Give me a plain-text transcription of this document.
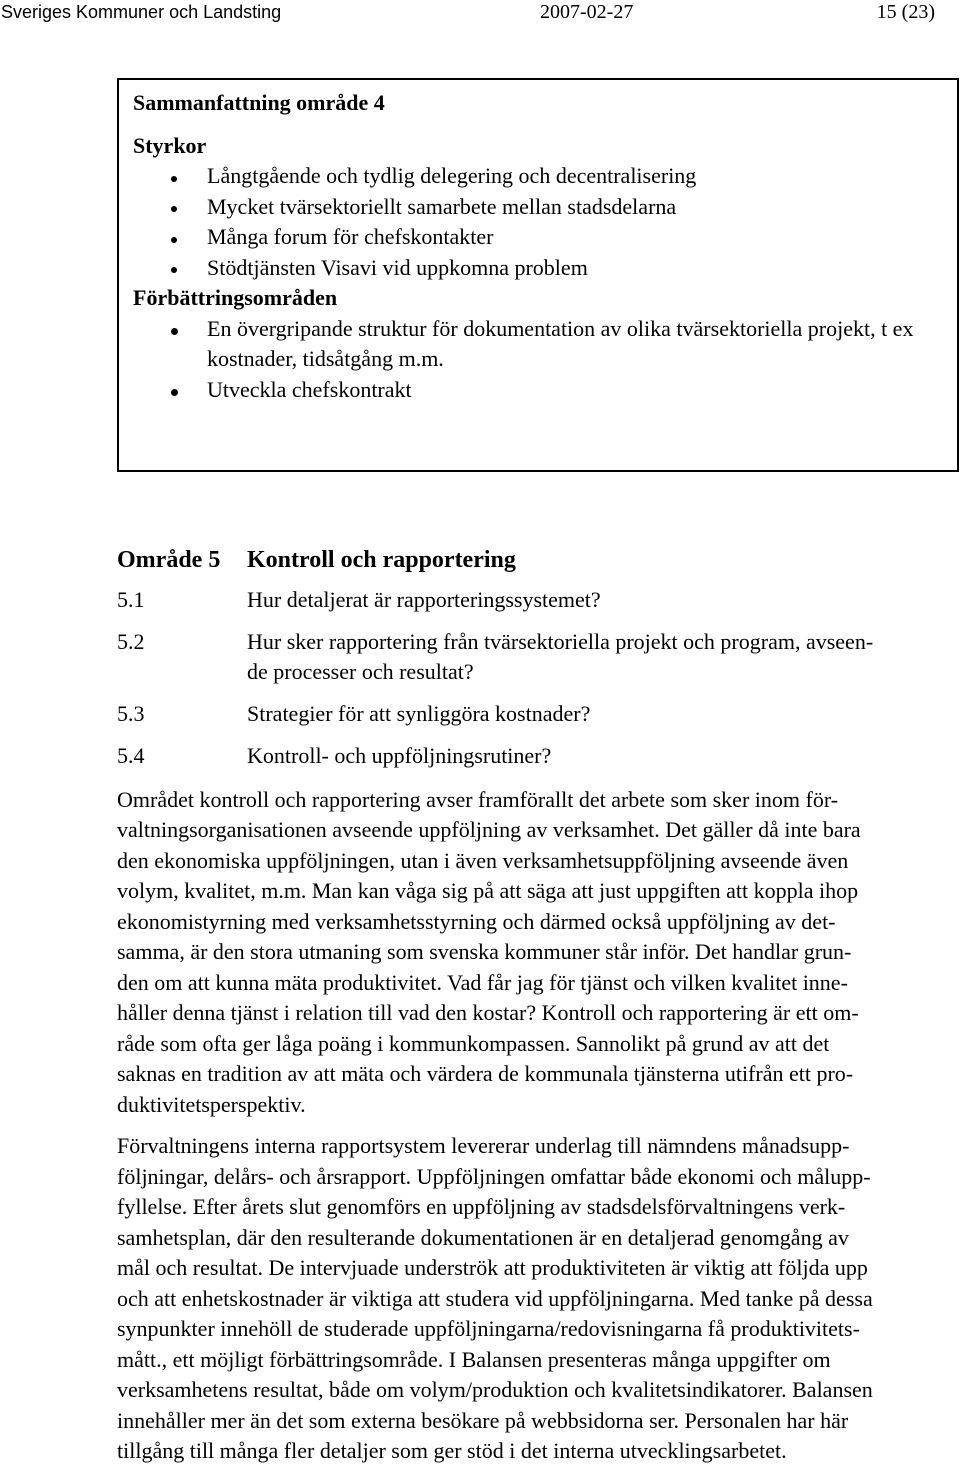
Sveriges Kommuner och Landsting	2007-02-27	15 (23)
Sammanfattning område 4
Styrkor
Långtgående och tydlig delegering och decentralisering
Mycket tvärsektoriellt samarbete mellan stadsdelarna
Många forum för chefskontakter
Stödtjänsten Visavi vid uppkomna problem
Förbättringsområden
En övergripande struktur för dokumentation av olika tvärsektoriella projekt, t ex
kostnader, tidsåtgång m.m.
Utveckla chefskontrakt
Område 5	Kontroll och rapportering
5.1	Hur detaljerat är rapporteringssystemet?
5.2	Hur sker rapportering från tvärsektoriella projekt och program, avseen-
de processer och resultat?
5.3	Strategier för att synliggöra kostnader?
5.4	Kontroll- och uppföljningsrutiner?
Området kontroll och rapportering avser framförallt det arbete som sker inom för-
valtningsorganisationen avseende uppföljning av verksamhet. Det gäller då inte bara
den ekonomiska uppföljningen, utan i även verksamhetsuppföljning avseende även
volym, kvalitet, m.m. Man kan våga sig på att säga att just uppgiften att koppla ihop
ekonomistyrning med verksamhetsstyrning och därmed också uppföljning av det-
samma, är den stora utmaning som svenska kommuner står inför. Det handlar grun-
den om att kunna mäta produktivitet. Vad får jag för tjänst och vilken kvalitet inne-
håller denna tjänst i relation till vad den kostar? Kontroll och rapportering är ett om-
råde som ofta ger låga poäng i kommunkompassen. Sannolikt på grund av att det
saknas en tradition av att mäta och värdera de kommunala tjänsterna utifrån ett pro-
duktivitetsperspektiv.
Förvaltningens interna rapportsystem levererar underlag till nämndens månadsupp-
följningar, delårs- och årsrapport. Uppföljningen omfattar både ekonomi och målupp-
fyllelse. Efter årets slut genomförs en uppföljning av stadsdelsförvaltningens verk-
samhetsplan, där den resulterande dokumentationen är en detaljerad genomgång av
mål och resultat. De intervjuade underströk att produktiviteten är viktig att följda upp
och att enhetskostnader är viktiga att studera vid uppföljningarna. Med tanke på dessa
synpunkter innehöll de studerade uppföljningarna/redovisningarna få produktivitets-
mått., ett möjligt förbättringsområde. I Balansen presenteras många uppgifter om
verksamhetens resultat, både om volym/produktion och kvalitetsindikatorer. Balansen
innehåller mer än det som externa besökare på webbsidorna ser. Personalen har här
tillgång till många fler detaljer som ger stöd i det interna utvecklingsarbetet.
